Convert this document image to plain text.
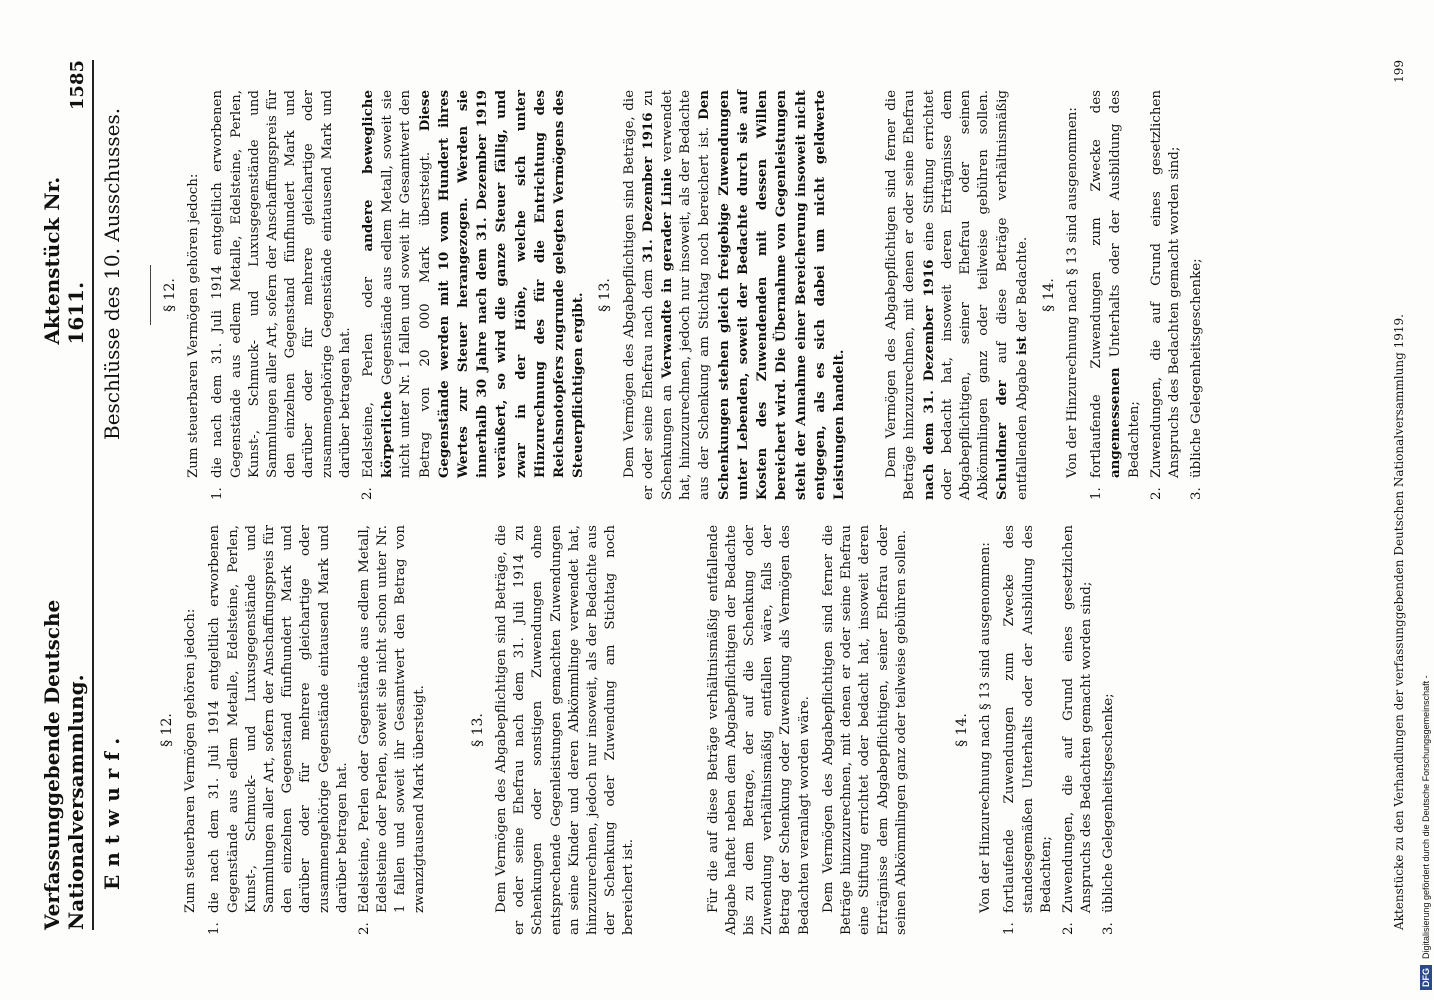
Verfassunggebende Deutsche Nationalversammlung.
Aktenstück Nr. 1611.
1585
Entwurf.
Beschlüsse des 10. Ausschusses.
§ 12. Zum steuerbaren Vermögen gehören jedoch:

1.
die nach dem 31. Juli 1914 entgeltlich erworbenen Gegenstände aus edlem Metalle, Edelsteine, Perlen, Kunst-, Schmuck- und Luxusgegenstände und Sammlungen aller Art, sofern der Anschaffungspreis für den einzelnen Gegenstand fünfhundert Mark und darüber oder für mehrere gleichartige oder zusammengehörige Gegenstände eintausend Mark und darüber betragen hat.
2.
Edelsteine, Perlen oder Gegenstände aus edlem Metall, Edelsteine oder Perlen, soweit sie nicht schon unter Nr. 1 fallen und soweit ihr Gesamtwert den Betrag von zwanzigtausend Mark übersteigt.	§ 13. Dem Vermögen des Abgabepflichtigen sind Beträge, die er oder seine Ehefrau nach dem 31. Juli 1914 zu Schenkungen oder sonstigen Zuwendungen ohne entsprechende Gegenleistungen gemachten Zuwendungen an seine Kinder und deren Abkömmlinge verwendet hat, hinzuzurechnen, jedoch nur insoweit, als der Bedachte aus der Schenkung oder Zuwendung am Stichtag noch bereichert ist.	Für die auf diese Beträge verhältnismäßig entfallende Abgabe haftet neben dem Abgabepflichtigen der Bedachte bis zu dem Betrage, der auf die Schenkung oder Zuwendung verhältnismäßig entfallen wäre, falls der Betrag der Schenkung oder Zuwendung als Vermögen des Bedachten veranlagt worden wäre. Dem Vermögen des Abgabepflichtigen sind ferner die Beträge hinzuzurechnen, mit denen er oder seine Ehefrau eine Stiftung errichtet oder bedacht hat, insoweit deren Erträgnisse dem Abgabepflichtigen, seiner Ehefrau oder seinen Abkömmlingen ganz oder teilweise gebühren sollen.	§ 14. Von der Hinzurechnung nach § 13 sind ausgenommen:

1.
fortlaufende Zuwendungen zum Zwecke des standesgemäßen Unterhalts oder der Ausbildung des Bedachten;
2.
Zuwendungen, die auf Grund eines gesetzlichen Anspruchs des Bedachten gemacht worden sind;
3.
übliche Gelegenheitsgeschenke;
§ 12. Zum steuerbaren Vermögen gehören jedoch:

1.
die nach dem 31. Juli 1914 entgeltlich erworbenen Gegenstände aus edlem Metalle, Edelsteine, Perlen, Kunst-, Schmuck- und Luxusgegenstände und Sammlungen aller Art, sofern der Anschaffungspreis für den einzelnen Gegenstand fünfhundert Mark und darüber oder für mehrere gleichartige oder zusammengehörige Gegenstände eintausend Mark und darüber betragen hat.
2.
Edelsteine, Perlen oder andere bewegliche körperliche Gegenstände aus edlem Metall, soweit sie nicht unter Nr. 1 fallen und soweit ihr Gesamtwert den Betrag von 20 000 Mark übersteigt. Diese Gegenstände werden mit 10 vom Hundert ihres Wertes zur Steuer herangezogen. Werden sie innerhalb 30 Jahre nach dem 31. Dezember 1919 veräußert, so wird die ganze Steuer fällig, und zwar in der Höhe, welche sich unter Hinzurechnung des für die Entrichtung des Reichsnotopfers zugrunde gelegten Vermögens des Steuerpflichtigen ergibt. § 13. Dem Vermögen des Abgabepflichtigen sind Beträge, die er oder seine Ehefrau nach dem 31. Dezember 1916 zu Schenkungen an Verwandte in gerader Linie verwendet hat, hinzuzurechnen, jedoch nur insoweit, als der Bedachte aus der Schenkung am Stichtag noch bereichert ist. Den Schenkungen stehen gleich freigebige Zuwendungen unter Lebenden, soweit der Bedachte durch sie auf Kosten des Zuwendenden mit dessen Willen bereichert wird. Die Übernahme von Gegenleistungen steht der Annahme einer Bereicherung insoweit nicht entgegen, als es sich dabei um nicht geldwerte Leistungen handelt.	Dem Vermögen des Abgabepflichtigen sind ferner die Beträge hinzuzurechnen, mit denen er oder seine Ehefrau nach dem 31. Dezember 1916 eine Stiftung errichtet oder bedacht hat, insoweit deren Erträgnisse dem Abgabepflichtigen, seiner Ehefrau oder seinen Abkömmlingen ganz oder teilweise gebühren sollen. Schuldner der auf diese Beträge verhältnismäßig entfallenden Abgabe ist der Bedachte. § 14. Von der Hinzurechnung nach § 13 sind ausgenommen:

1.
fortlaufende Zuwendungen zum Zwecke des angemessenen Unterhalts oder der Ausbildung des Bedachten;
2.
Zuwendungen, die auf Grund eines gesetzlichen Anspruchs des Bedachten gemacht worden sind;
3.
übliche Gelegenheitsgeschenke;	Aktenstücke zu den Verhandlungen der verfassunggebenden Deutschen Nationalversammlung 1919.
199
DFGDigitalisierung gefördert durch die Deutsche Forschungsgemeinschaft -
